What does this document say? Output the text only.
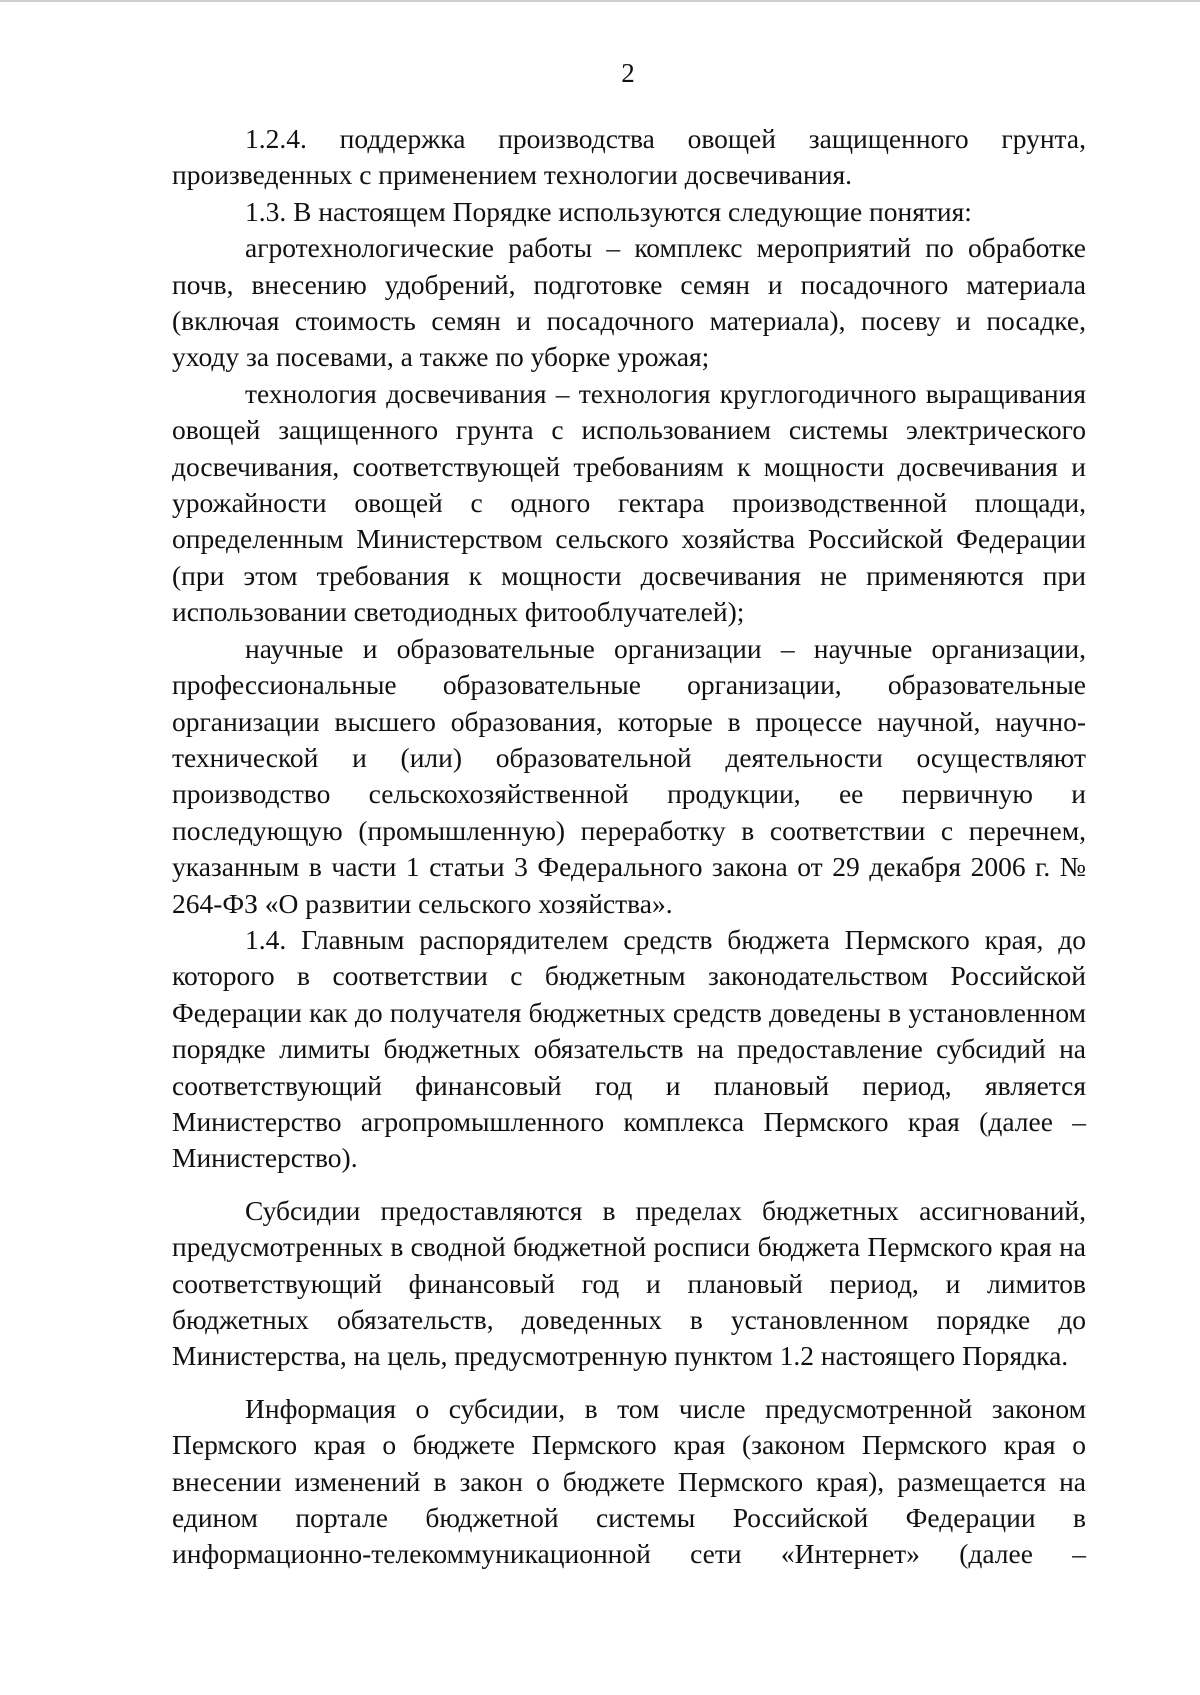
2

1.2.4. поддержка производства овощей защищенного грунта, произведенных с применением технологии досвечивания.

1.3. В настоящем Порядке используются следующие понятия:

агротехнологические работы – комплекс мероприятий по обработке почв, внесению удобрений, подготовке семян и посадочного материала (включая стоимость семян и посадочного материала), посеву и посадке, уходу за посевами, а также по уборке урожая;

технология досвечивания – технология круглогодичного выращивания овощей защищенного грунта с использованием системы электрического досвечивания, соответствующей требованиям к мощности досвечивания и урожайности овощей с одного гектара производственной площади, определенным Министерством сельского хозяйства Российской Федерации (при этом требования к мощности досвечивания не применяются при использовании светодиодных фитооблучателей);

научные и образовательные организации – научные организации, профессиональные образовательные организации, образовательные организации высшего образования, которые в процессе научной, научно-технической и (или) образовательной деятельности осуществляют производство сельскохозяйственной продукции, ее первичную и последующую (промышленную) переработку в соответствии с перечнем, указанным в части 1 статьи 3 Федерального закона от 29 декабря 2006 г. № 264-ФЗ «О развитии сельского хозяйства».

1.4. Главным распорядителем средств бюджета Пермского края, до которого в соответствии с бюджетным законодательством Российской Федерации как до получателя бюджетных средств доведены в установленном порядке лимиты бюджетных обязательств на предоставление субсидий на соответствующий финансовый год и плановый период, является Министерство агропромышленного комплекса Пермского края (далее – Министерство).

Субсидии предоставляются в пределах бюджетных ассигнований, предусмотренных в сводной бюджетной росписи бюджета Пермского края на соответствующий финансовый год и плановый период, и лимитов бюджетных обязательств, доведенных в установленном порядке до Министерства, на цель, предусмотренную пунктом 1.2 настоящего Порядка.

Информация о субсидии, в том числе предусмотренной законом Пермского края о бюджете Пермского края (законом Пермского края о внесении изменений в закон о бюджете Пермского края), размещается на едином портале бюджетной системы Российской Федерации в информационно-телекоммуникационной сети «Интернет» (далее –
